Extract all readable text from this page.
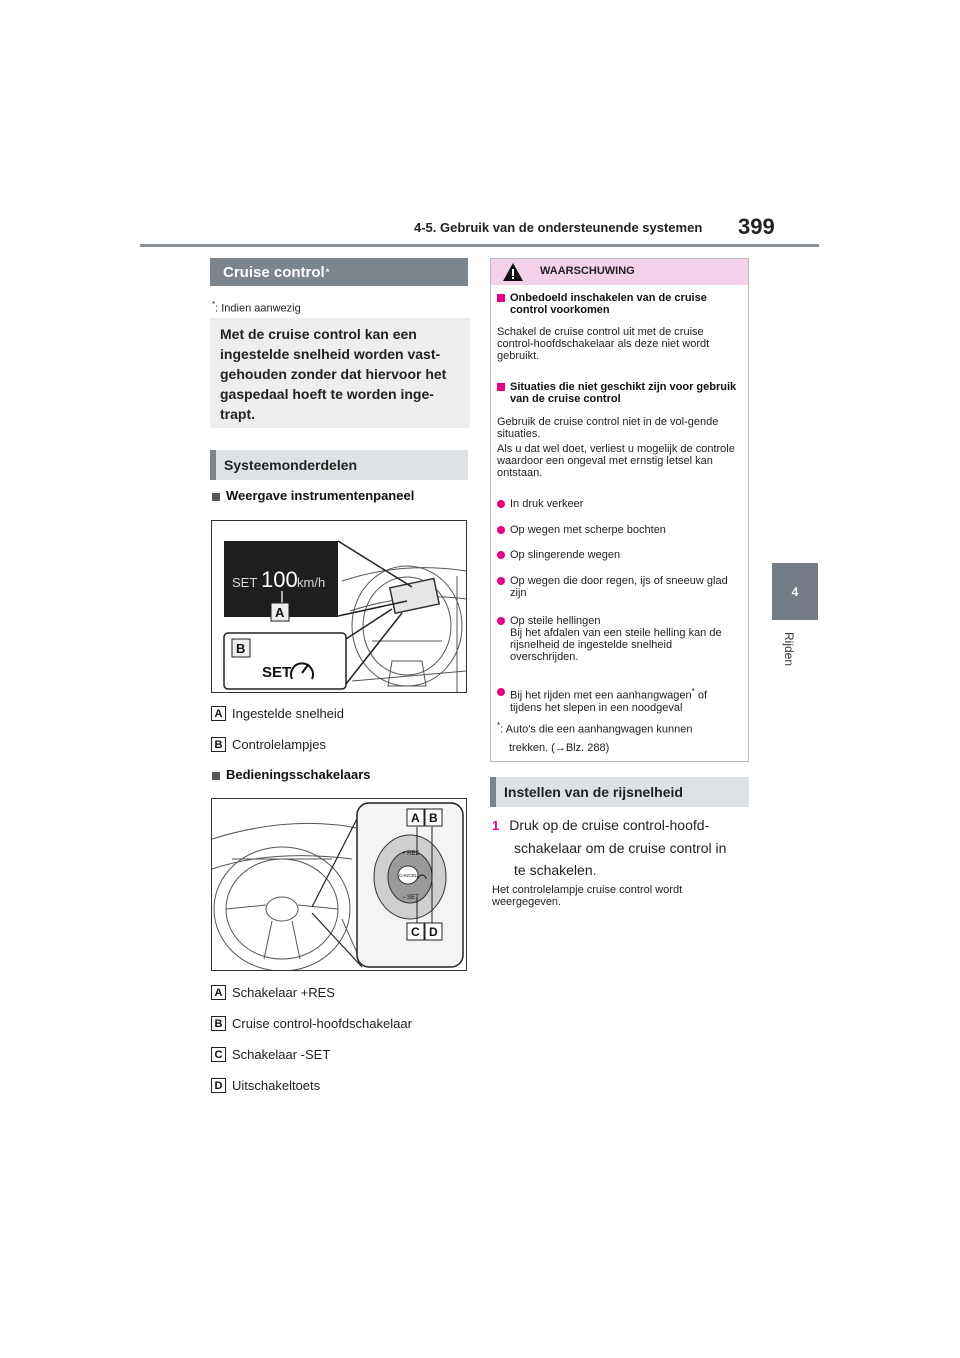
4-5. Gebruik van de ondersteunende systemen 399
4
Rijden
Cruise control *
*: Indien aanwezig
Met de cruise control kan een
ingestelde snelheid worden vast-
gehouden zonder dat hiervoor het
gaspedaal hoeft te worden inge-
trapt.
Systeemonderdelen
Weergave instrumentenpaneel
SET 100 km/h
A
B
SET
A Ingestelde snelheid
B Controlelampjes
Bedieningsschakelaars
+ RES
CANCEL
− SET
A B
C D
A Schakelaar +RES
B Cruise control-hoofdschakelaar
C Schakelaar -SET
D Uitschakeltoets
WAARSCHUWING
Onbedoeld inschakelen van de cruise control voorkomen
Schakel de cruise control uit met de cruise control-hoofdschakelaar als deze niet wordt gebruikt.
Situaties die niet geschikt zijn voor gebruik van de cruise control
Gebruik de cruise control niet in de vol-gende situaties.
Als u dat wel doet, verliest u mogelijk de controle waardoor een ongeval met ernstig letsel kan ontstaan.
In druk verkeer
Op wegen met scherpe bochten
Op slingerende wegen
Op wegen die door regen, ijs of sneeuw glad zijn
Op steile hellingen
Bij het afdalen van een steile helling kan de rijsnelheid de ingestelde snelheid overschrijden.
Bij het rijden met een aanhangwagen* of tijdens het slepen in een noodgeval
*: Auto's die een aanhangwagen kunnen
trekken. (→Blz. 288)
Instellen van de rijsnelheid
1 Druk op de cruise control-hoofd-
schakelaar om de cruise control in
te schakelen.
Het controlelampje cruise control wordt
weergegeven.
